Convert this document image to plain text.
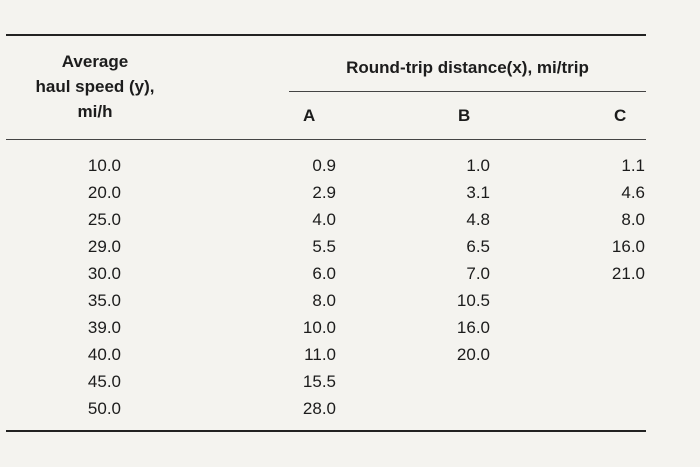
Average
haul speed (y),
mi/h
Round-trip distance(x), mi/trip
A	B	C
10.0
20.0
25.0
29.0
30.0
35.0
39.0
40.0
45.0
50.0
0.9
2.9
4.0
5.5
6.0
8.0
10.0
11.0
15.5
28.0
1.0
3.1
4.8
6.5
7.0
10.5
16.0
20.0
1.1
4.6
8.0
16.0
21.0
